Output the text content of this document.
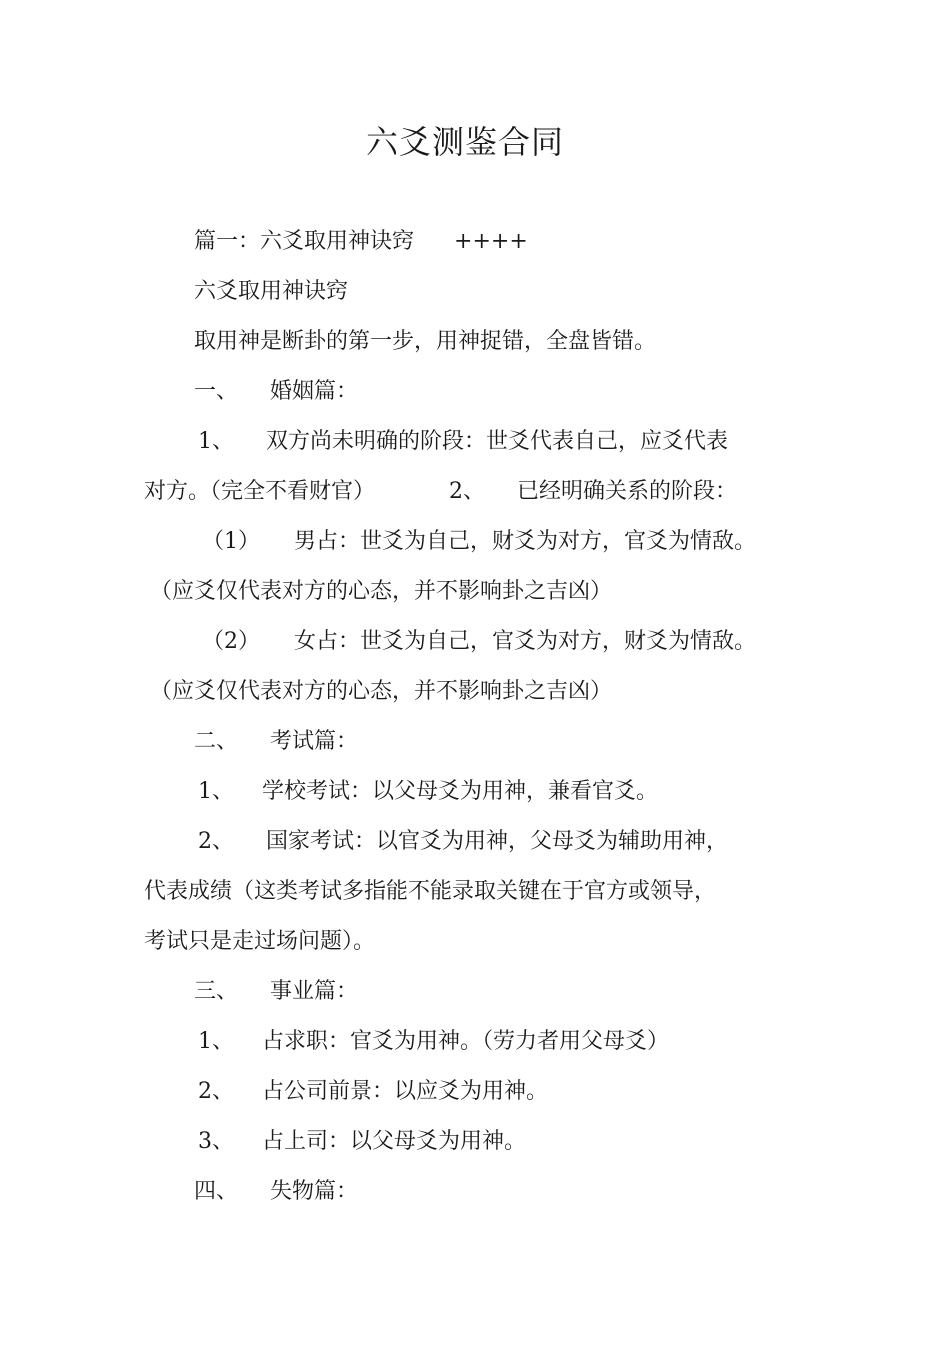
六爻测鉴合同
篇一：六爻取用神诀窍 ++++
六爻取用神诀窍
取用神是断卦的第一步，用神捉错，全盘皆错。
一、 婚姻篇：
1、 双方尚未明确的阶段：世爻代表自己，应爻代表
对方。（完全不看财官）	2、 已经明确关系的阶段：
（1） 男占：世爻为自己，财爻为对方，官爻为情敌。
（应爻仅代表对方的心态，并不影响卦之吉凶）
（2） 女占：世爻为自己，官爻为对方，财爻为情敌。
（应爻仅代表对方的心态，并不影响卦之吉凶）
二、 考试篇：
1、 学校考试：以父母爻为用神，兼看官爻。
2、 国家考试：以官爻为用神，父母爻为辅助用神，
代表成绩（这类考试多指能不能录取关键在于官方或领导，
考试只是走过场问题）。
三、 事业篇：
1、 占求职：官爻为用神。（劳力者用父母爻）
2、 占公司前景：以应爻为用神。
3、 占上司：以父母爻为用神。
四、 失物篇：
